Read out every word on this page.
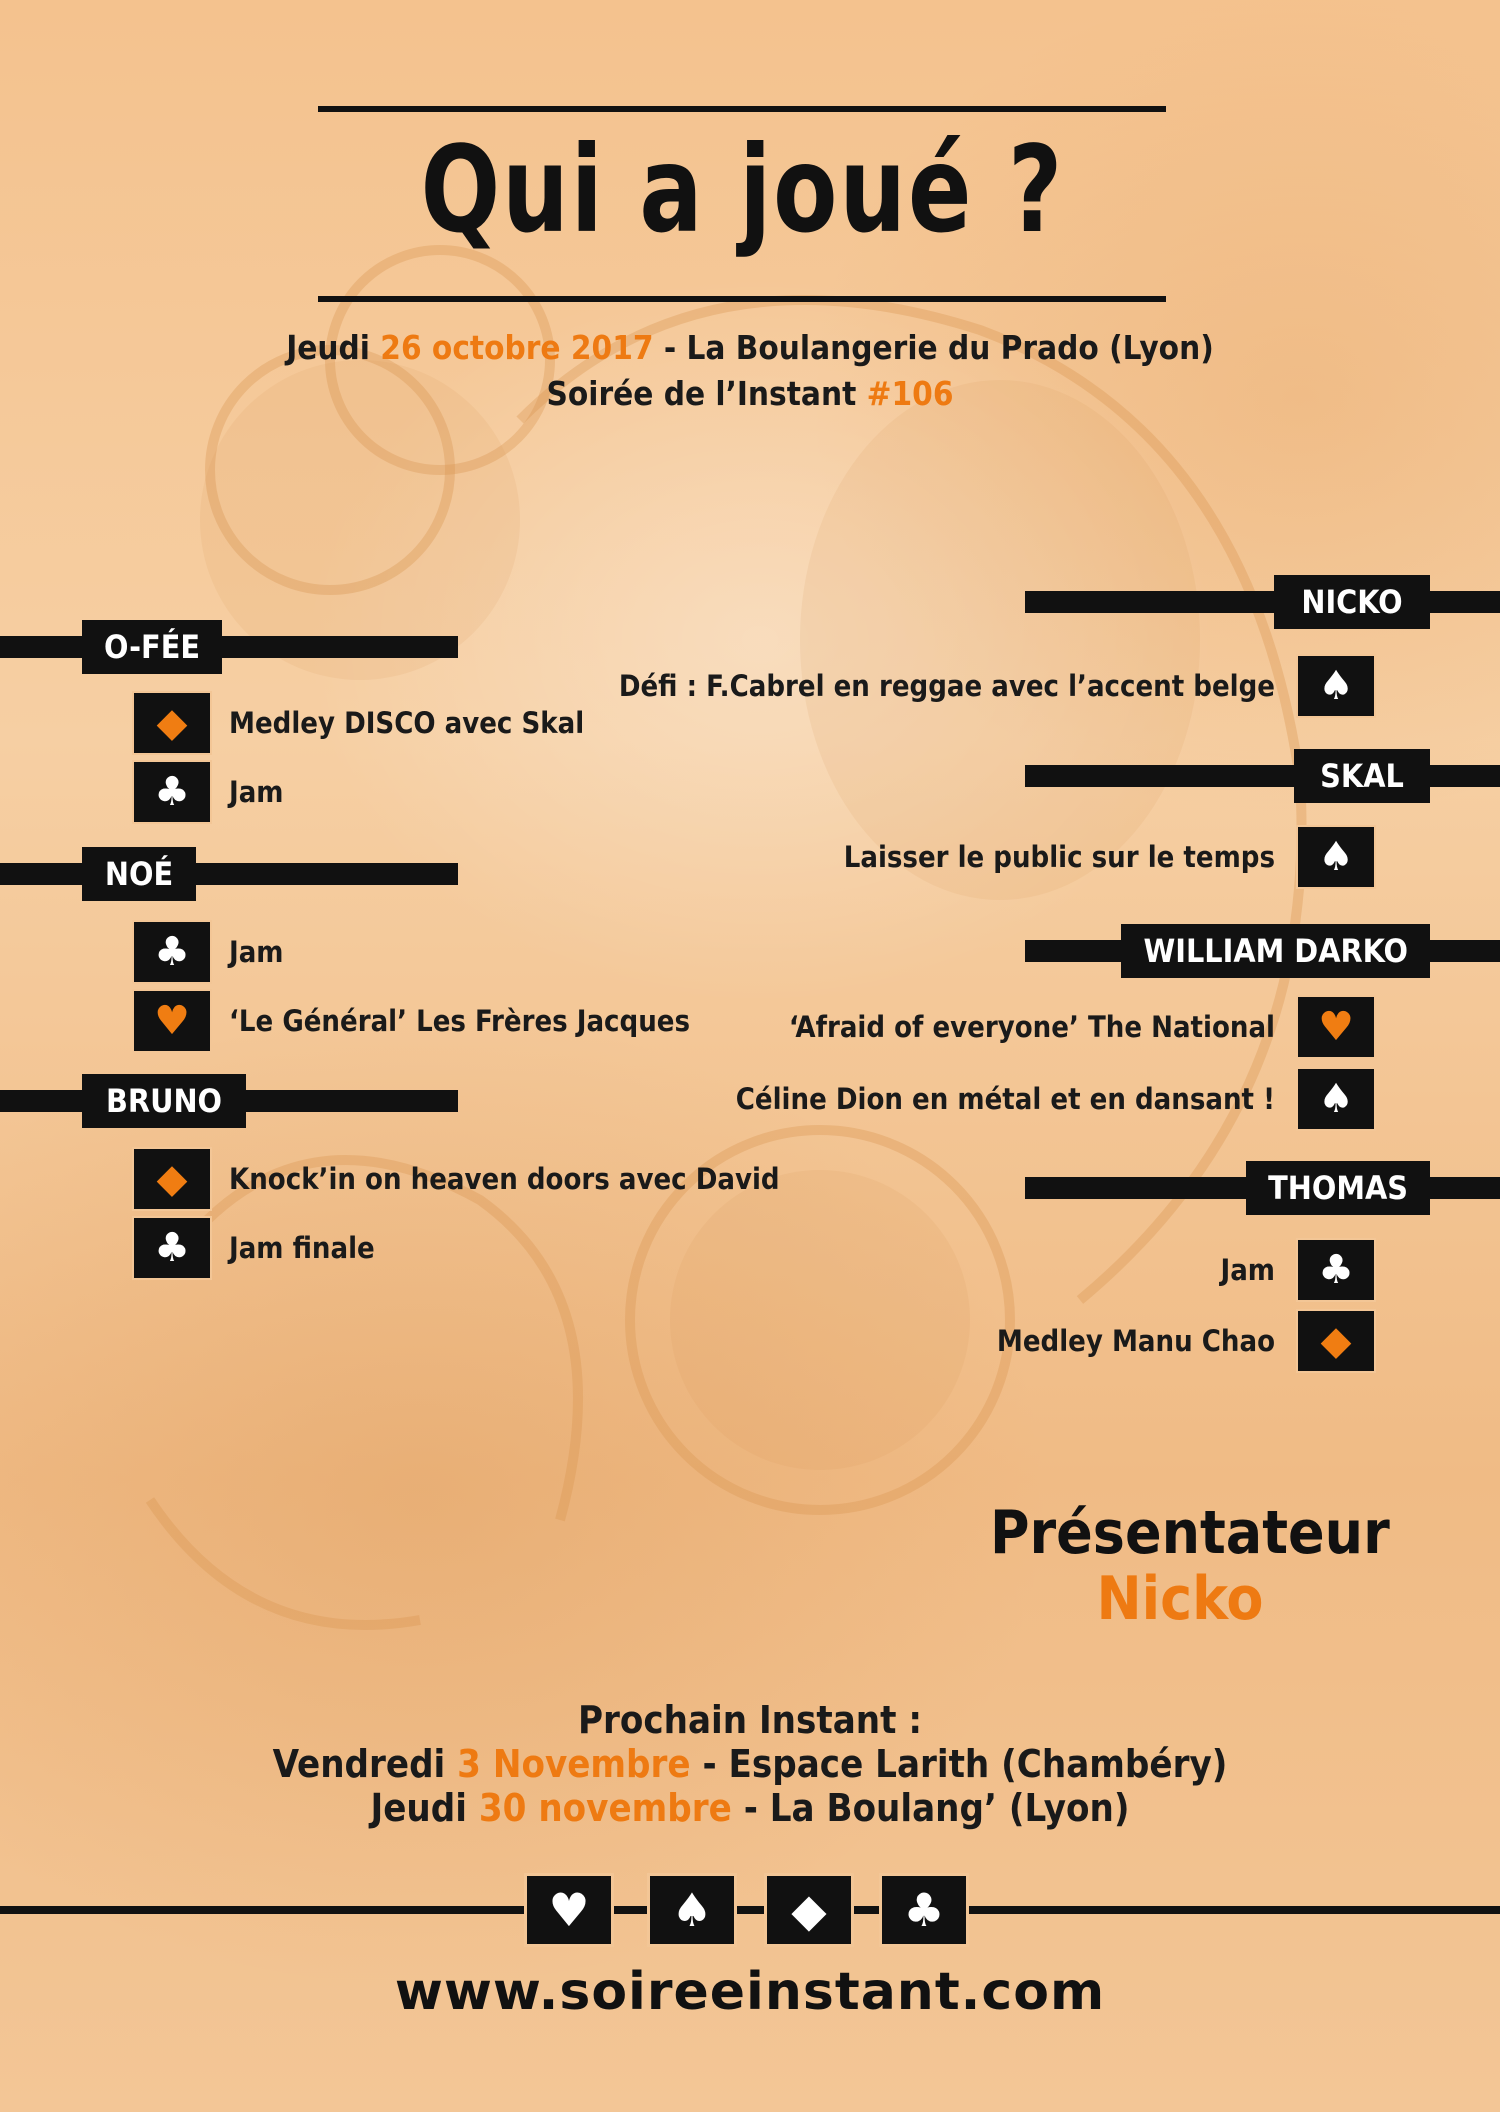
Qui a joué ?
Jeudi 26 octobre 2017 - La Boulangerie du Prado (Lyon)
Soirée de l’Instant #106
O-FÉE
◆ Medley DISCO avec Skal
♣ Jam
NOÉ
♣ Jam
♥ ‘Le Général’ Les Frères Jacques
BRUNO
◆ Knock’in on heaven doors avec David
♣ Jam finale
NICKO
♠
Défi : F.Cabrel en reggae avec l’accent belge
SKAL
♠
Laisser le public sur le temps
WILLIAM DARKO
♥
‘Afraid of everyone’ The National
♠
Céline Dion en métal et en dansant !
THOMAS
♣
Jam
◆
Medley Manu Chao
Présentateur
Nicko
Prochain Instant :
Vendredi 3 Novembre - Espace Larith (Chambéry)
Jeudi 30 novembre - La Boulang’ (Lyon)
♥ ♠ ◆ ♣
www.soireeinstant.com
